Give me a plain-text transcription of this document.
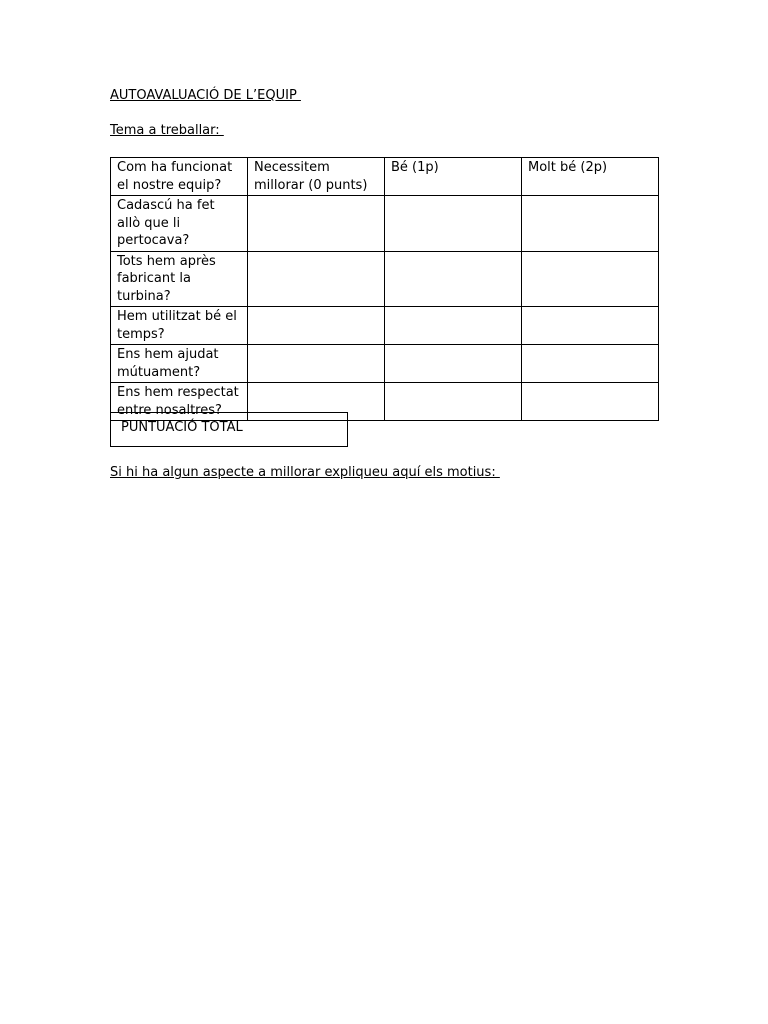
AUTOAVALUACIÓ DE L’EQUIP
Tema a treballar:
Com ha funcionat el nostre equip?	Necessitem millorar (0 punts)	Bé (1p)	Molt bé (2p)
Cadascú ha fet allò que li pertocava?			
Tots hem après fabricant la turbina?			
Hem utilitzat bé el temps?			
Ens hem ajudat mútuament?			
Ens hem respectat entre nosaltres?			
PUNTUACIÓ TOTAL
Si hi ha algun aspecte a millorar expliqueu aquí els motius:
